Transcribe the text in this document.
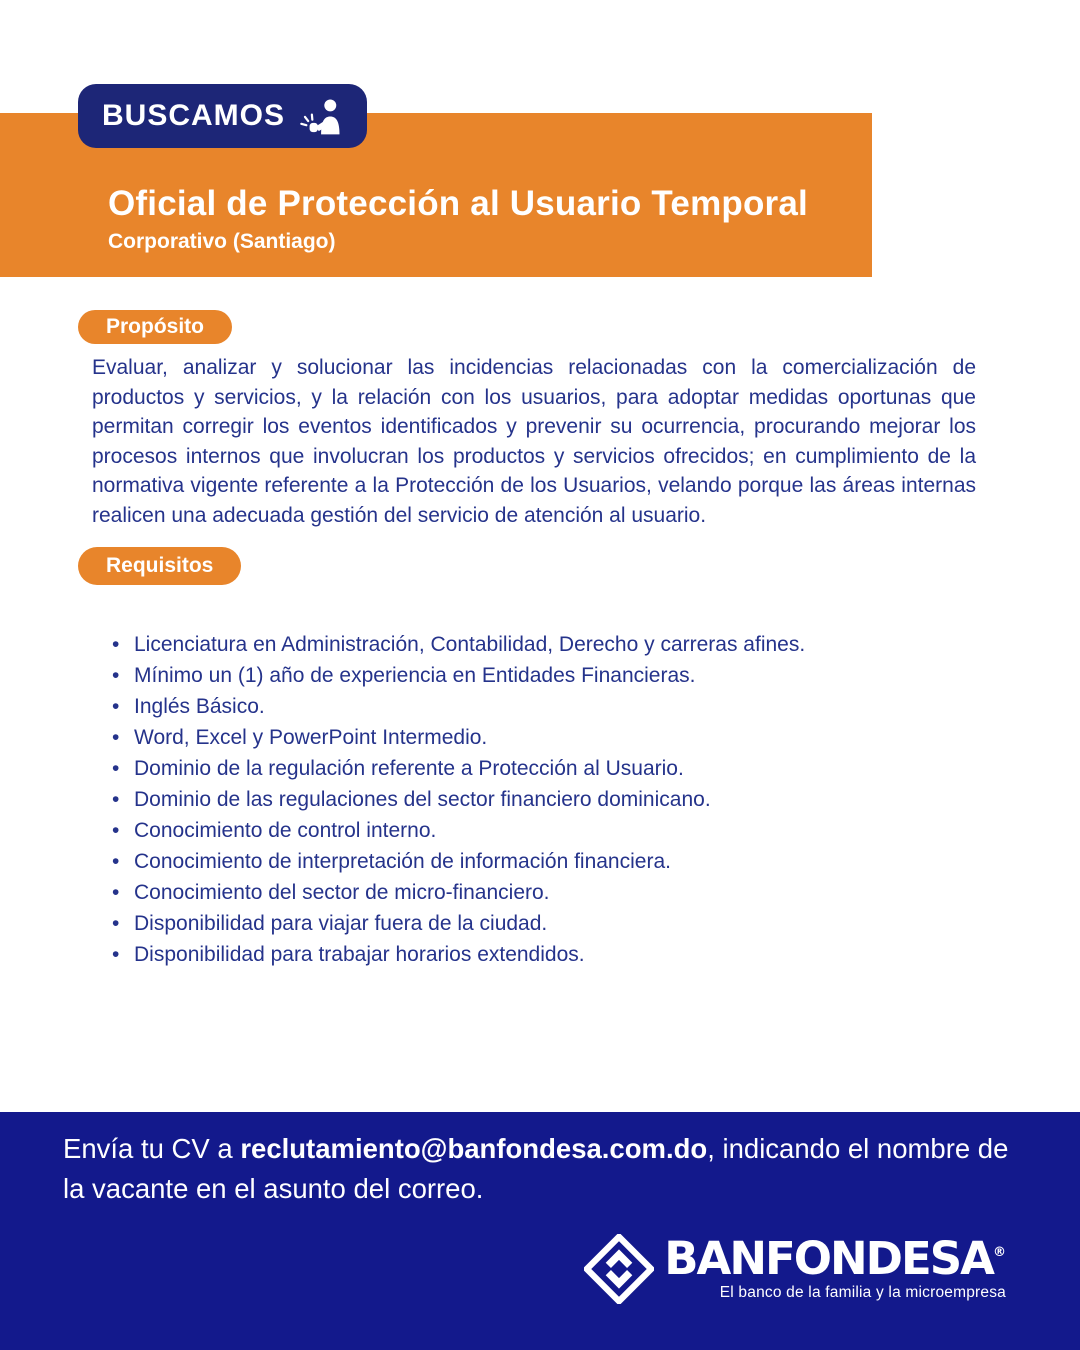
Oficial de Protección al Usuario Temporal
Corporativo (Santiago)
BUSCAMOS
Propósito

Evaluar, analizar y solucionar las incidencias relacionadas con la comercialización de productos y servicios, y la relación con los usuarios, para adoptar medidas oportunas que permitan corregir los eventos identificados y prevenir su ocurrencia, procurando mejorar los procesos internos que involucran los productos y servicios ofrecidos; en cumplimiento de la normativa vigente referente a la Protección de los Usuarios, velando porque las áreas internas realicen una adecuada gestión del servicio de atención al usuario.

Requisitos
• Licenciatura en Administración, Contabilidad, Derecho y carreras afines.
• Mínimo un (1) año de experiencia en Entidades Financieras.
• Inglés Básico.
• Word, Excel y PowerPoint Intermedio.
• Dominio de la regulación referente a Protección al Usuario.
• Dominio de las regulaciones del sector financiero dominicano.
• Conocimiento de control interno.
• Conocimiento de interpretación de información financiera.
• Conocimiento del sector de micro-financiero.
• Disponibilidad para viajar fuera de la ciudad.
• Disponibilidad para trabajar horarios extendidos.

Envía tu CV a reclutamiento@banfondesa.com.do, indicando el nombre de la vacante en el asunto del correo.

BANFONDESA®
El banco de la familia y la microempresa
